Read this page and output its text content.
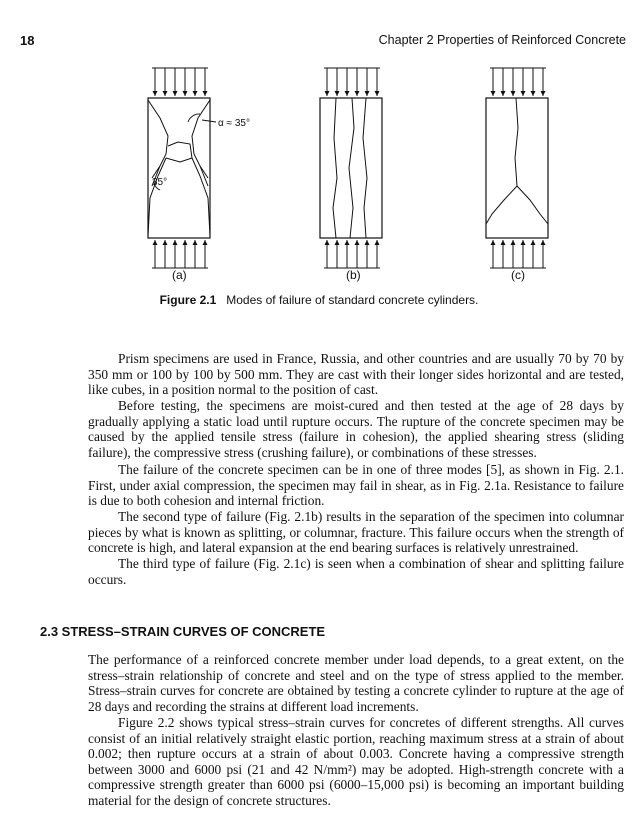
18	Chapter 2 Properties of Reinforced Concrete
α ≈ 35°
35°
(a)	(b)	(c)
Figure 2.1 Modes of failure of standard concrete cylinders.

Prism specimens are used in France, Russia, and other countries and are usually 70 by 70 by 350 mm or 100 by 100 by 500 mm. They are cast with their longer sides horizontal and are tested, like cubes, in a position normal to the position of cast.

Before testing, the specimens are moist-cured and then tested at the age of 28 days by gradually applying a static load until rupture occurs. The rupture of the concrete specimen may be caused by the applied tensile stress (failure in cohesion), the applied shearing stress (sliding failure), the compressive stress (crushing failure), or combinations of these stresses.

The failure of the concrete specimen can be in one of three modes [5], as shown in Fig. 2.1. First, under axial compression, the specimen may fail in shear, as in Fig. 2.1a. Resistance to failure is due to both cohesion and internal friction.

The second type of failure (Fig. 2.1b) results in the separation of the specimen into columnar pieces by what is known as splitting, or columnar, fracture. This failure occurs when the strength of concrete is high, and lateral expansion at the end bearing surfaces is relatively unrestrained.

The third type of failure (Fig. 2.1c) is seen when a combination of shear and splitting failure occurs.

2.3 STRESS–STRAIN CURVES OF CONCRETE

The performance of a reinforced concrete member under load depends, to a great extent, on the stress–strain relationship of concrete and steel and on the type of stress applied to the member. Stress–strain curves for concrete are obtained by testing a concrete cylinder to rupture at the age of 28 days and recording the strains at different load increments.

Figure 2.2 shows typical stress–strain curves for concretes of different strengths. All curves consist of an initial relatively straight elastic portion, reaching maximum stress at a strain of about 0.002; then rupture occurs at a strain of about 0.003. Concrete having a compressive strength between 3000 and 6000 psi (21 and 42 N/mm²) may be adopted. High-strength concrete with a compressive strength greater than 6000 psi (6000–15,000 psi) is becoming an important building material for the design of concrete structures.
